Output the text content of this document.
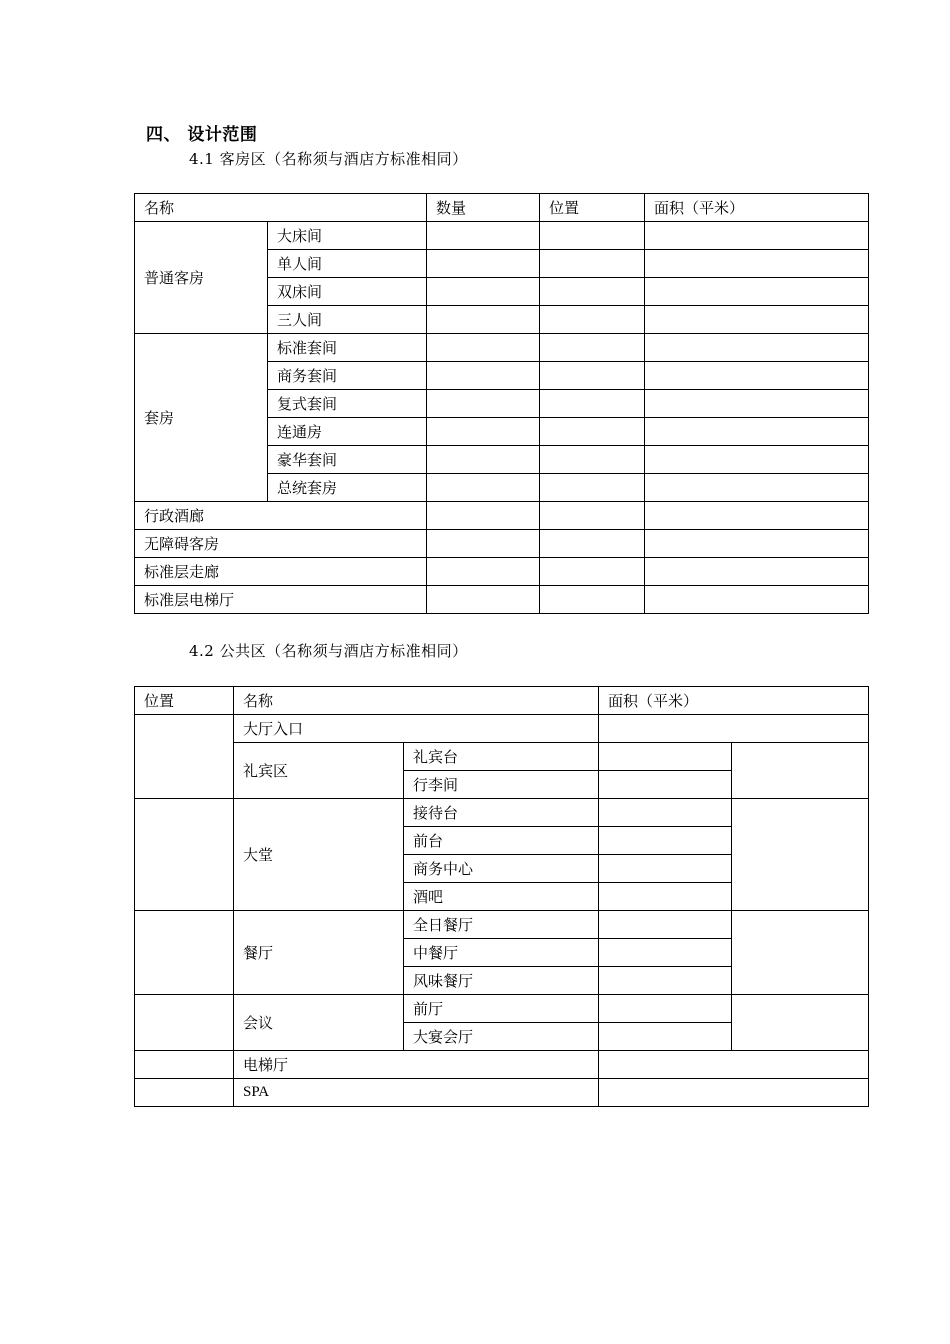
四、 设计范围
4.1 客房区（名称须与酒店方标准相同）
名称		数量	位置	面积（平米）
普通客房	大床间			
	单人间			
	双床间			
	三人间			
套房	标准套间			
	商务套间			
	复式套间			
	连通房			
	豪华套间			
	总统套房			
行政酒廊				
无障碍客房				
标准层走廊				
标准层电梯厅				
4.2 公共区（名称须与酒店方标准相同）
位置	名称		面积（平米）	
	大厅入口			
	礼宾区	礼宾台		
		行李间		
	大堂	接待台		
		前台		
		商务中心		
		酒吧		
	餐厅	全日餐厅		
		中餐厅		
		风味餐厅		
	会议	前厅		
		大宴会厅		
	电梯厅			
	SPA			
